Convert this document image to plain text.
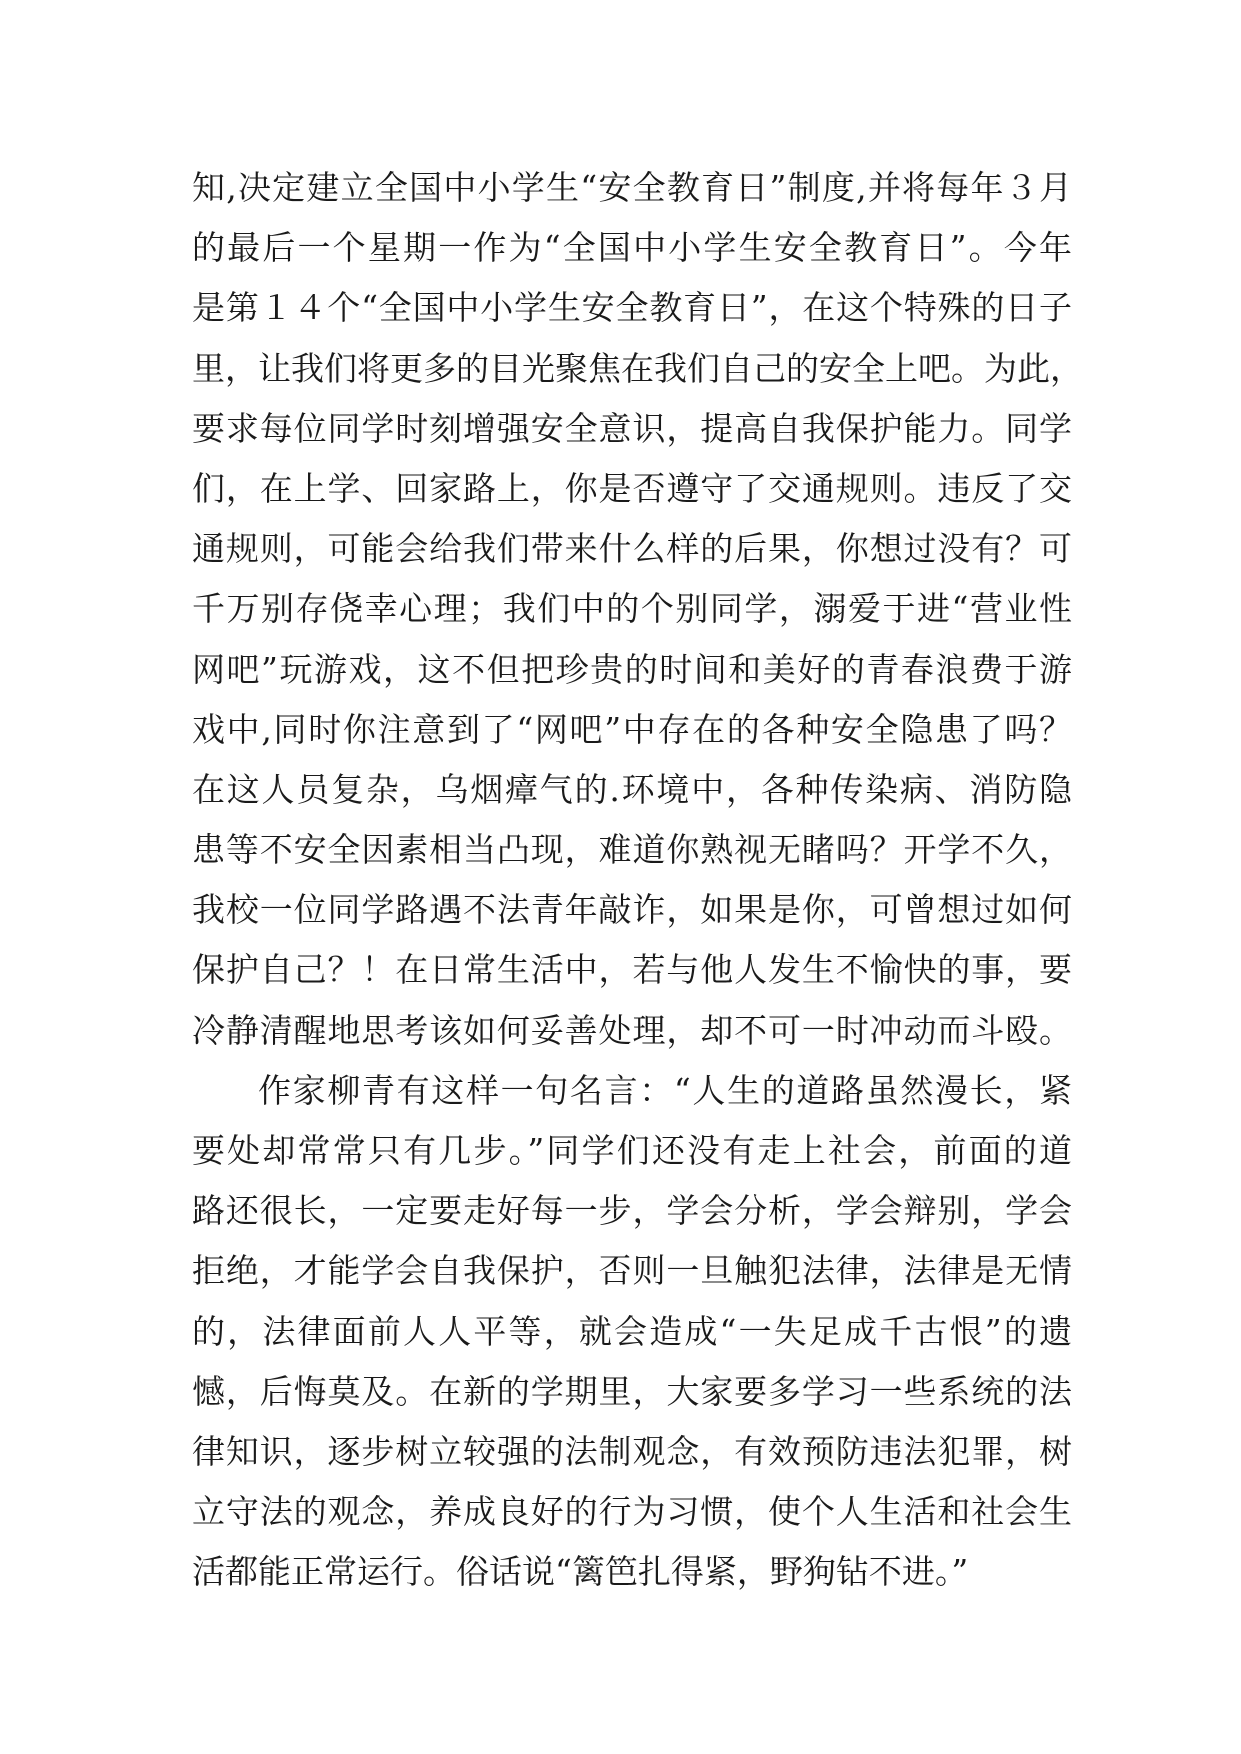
知,决定建立全国中小学生“安全教育日”制度,并将每年３月
的最后一个星期一作为“全国中小学生安全教育日”。今年
是第１４个“全国中小学生安全教育日”，在这个特殊的日子
里，让我们将更多的目光聚焦在我们自己的安全上吧。为此，
要求每位同学时刻增强安全意识，提高自我保护能力。同学
们，在上学、回家路上，你是否遵守了交通规则。违反了交
通规则，可能会给我们带来什么样的后果，你想过没有？可
千万别存侥幸心理；我们中的个别同学，溺爱于进“营业性
网吧”玩游戏，这不但把珍贵的时间和美好的青春浪费于游
戏中,同时你注意到了“网吧”中存在的各种安全隐患了吗？
在这人员复杂，乌烟瘴气的.环境中，各种传染病、消防隐
患等不安全因素相当凸现，难道你熟视无睹吗？开学不久，
我校一位同学路遇不法青年敲诈，如果是你，可曾想过如何
保护自己？！在日常生活中，若与他人发生不愉快的事，要
冷静清醒地思考该如何妥善处理，却不可一时冲动而斗殴。
作家柳青有这样一句名言：“人生的道路虽然漫长，紧
要处却常常只有几步。”同学们还没有走上社会，前面的道
路还很长，一定要走好每一步，学会分析，学会辩别，学会
拒绝，才能学会自我保护，否则一旦触犯法律，法律是无情
的，法律面前人人平等，就会造成“一失足成千古恨”的遗
憾，后悔莫及。在新的学期里，大家要多学习一些系统的法
律知识，逐步树立较强的法制观念，有效预防违法犯罪，树
立守法的观念，养成良好的行为习惯，使个人生活和社会生
活都能正常运行。俗话说“篱笆扎得紧，野狗钻不进。”
